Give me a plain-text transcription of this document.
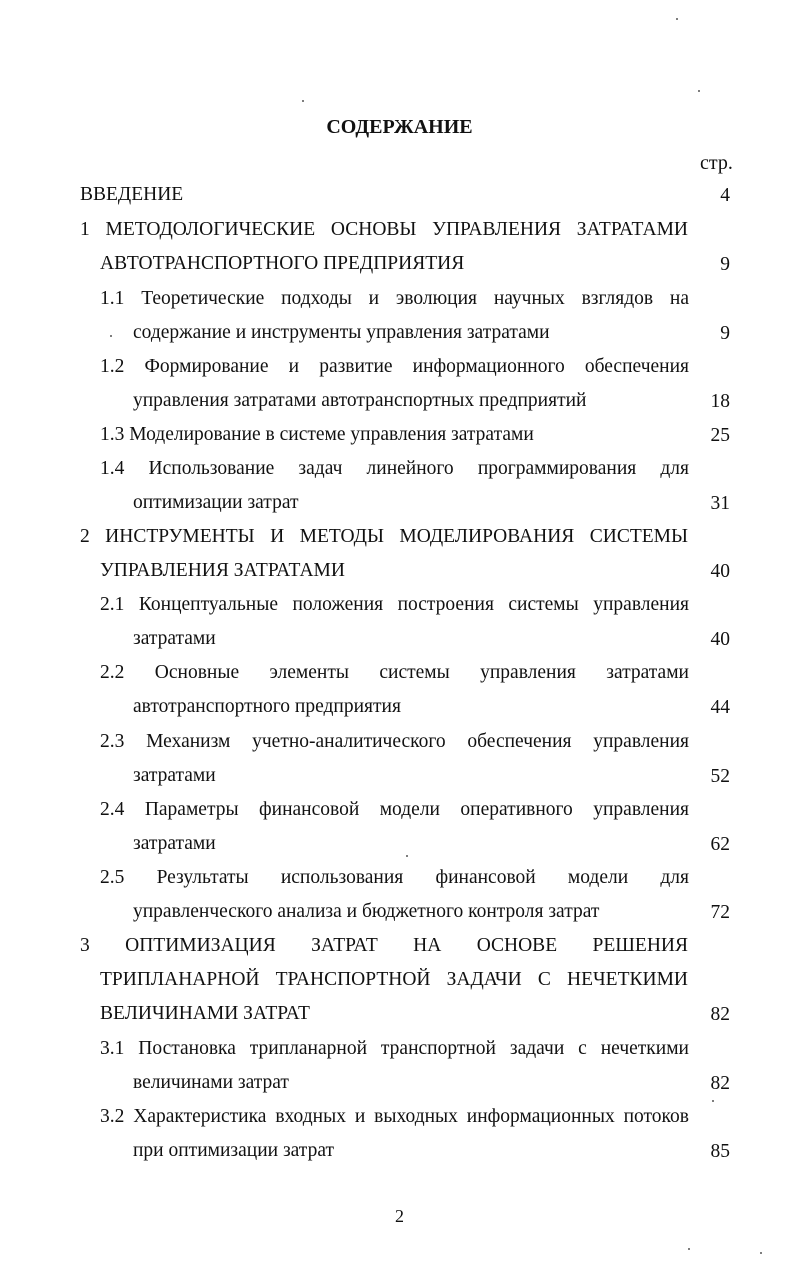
СОДЕРЖАНИЕ
стр.
ВВЕДЕНИЕ	4
1 МЕТОДОЛОГИЧЕСКИЕ ОСНОВЫ УПРАВЛЕНИЯ ЗАТРАТАМИ
АВТОТРАНСПОРТНОГО ПРЕДПРИЯТИЯ	9
1.1 Теоретические подходы и эволюция научных взглядов на
содержание и инструменты управления затратами	9
1.2 Формирование и развитие информационного обеспечения
управления затратами автотранспортных предприятий	18
1.3 Моделирование в системе управления затратами	25
1.4 Использование задач линейного программирования для
оптимизации затрат	31
2 ИНСТРУМЕНТЫ И МЕТОДЫ МОДЕЛИРОВАНИЯ СИСТЕМЫ
УПРАВЛЕНИЯ ЗАТРАТАМИ	40
2.1 Концептуальные положения построения системы управления
затратами	40
2.2 Основные элементы системы управления затратами
автотранспортного предприятия	44
2.3 Механизм учетно-аналитического обеспечения управления
затратами	52
2.4 Параметры финансовой модели оперативного управления
затратами	62
2.5 Результаты использования финансовой модели для
управленческого анализа и бюджетного контроля затрат	72
3 ОПТИМИЗАЦИЯ ЗАТРАТ НА ОСНОВЕ РЕШЕНИЯ
ТРИПЛАНАРНОЙ ТРАНСПОРТНОЙ ЗАДАЧИ С НЕЧЕТКИМИ
ВЕЛИЧИНАМИ ЗАТРАТ	82
3.1 Постановка трипланарной транспортной задачи с нечеткими
величинами затрат	82
3.2 Характеристика входных и выходных информационных потоков
при оптимизации затрат	85
2
